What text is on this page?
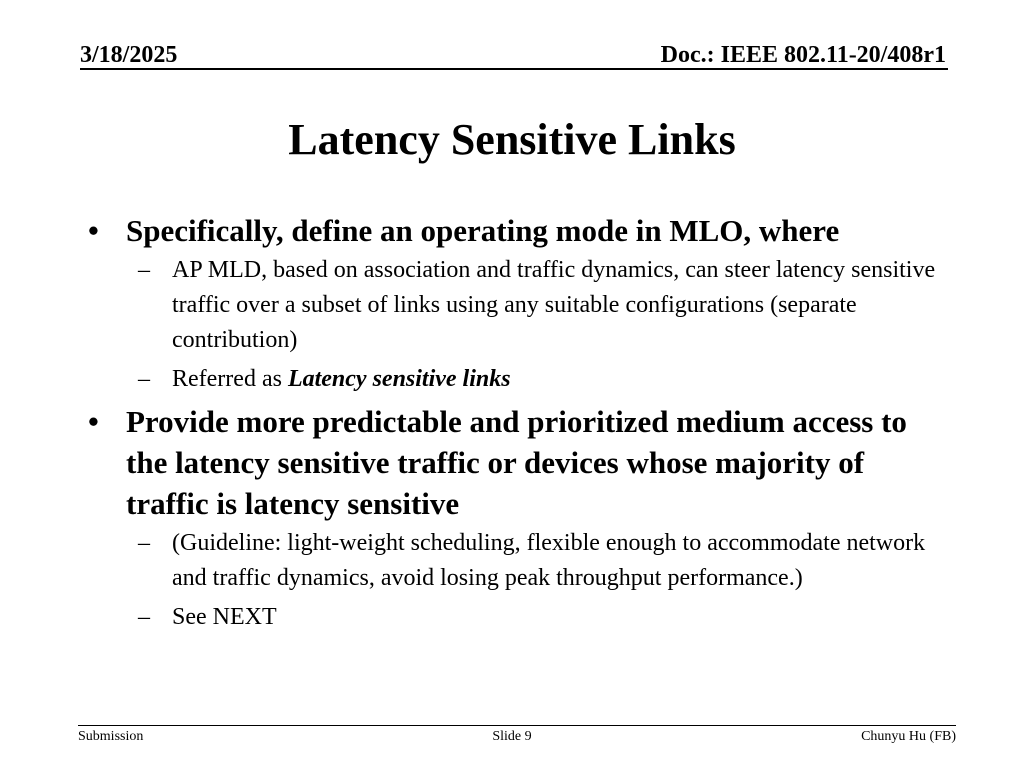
3/18/2025	Doc.: IEEE 802.11-20/408r1
Latency Sensitive Links
• Specifically, define an operating mode in MLO, where
– AP MLD, based on association and traffic dynamics, can steer latency sensitive traffic over a subset of links using any suitable configurations (separate contribution)
– Referred as Latency sensitive links
• Provide more predictable and prioritized medium access to the latency sensitive traffic or devices whose majority of traffic is latency sensitive
– (Guideline: light-weight scheduling, flexible enough to accommodate network and traffic dynamics, avoid losing peak throughput performance.)
– See NEXT
Submission	Slide 9	Chunyu Hu (FB)
